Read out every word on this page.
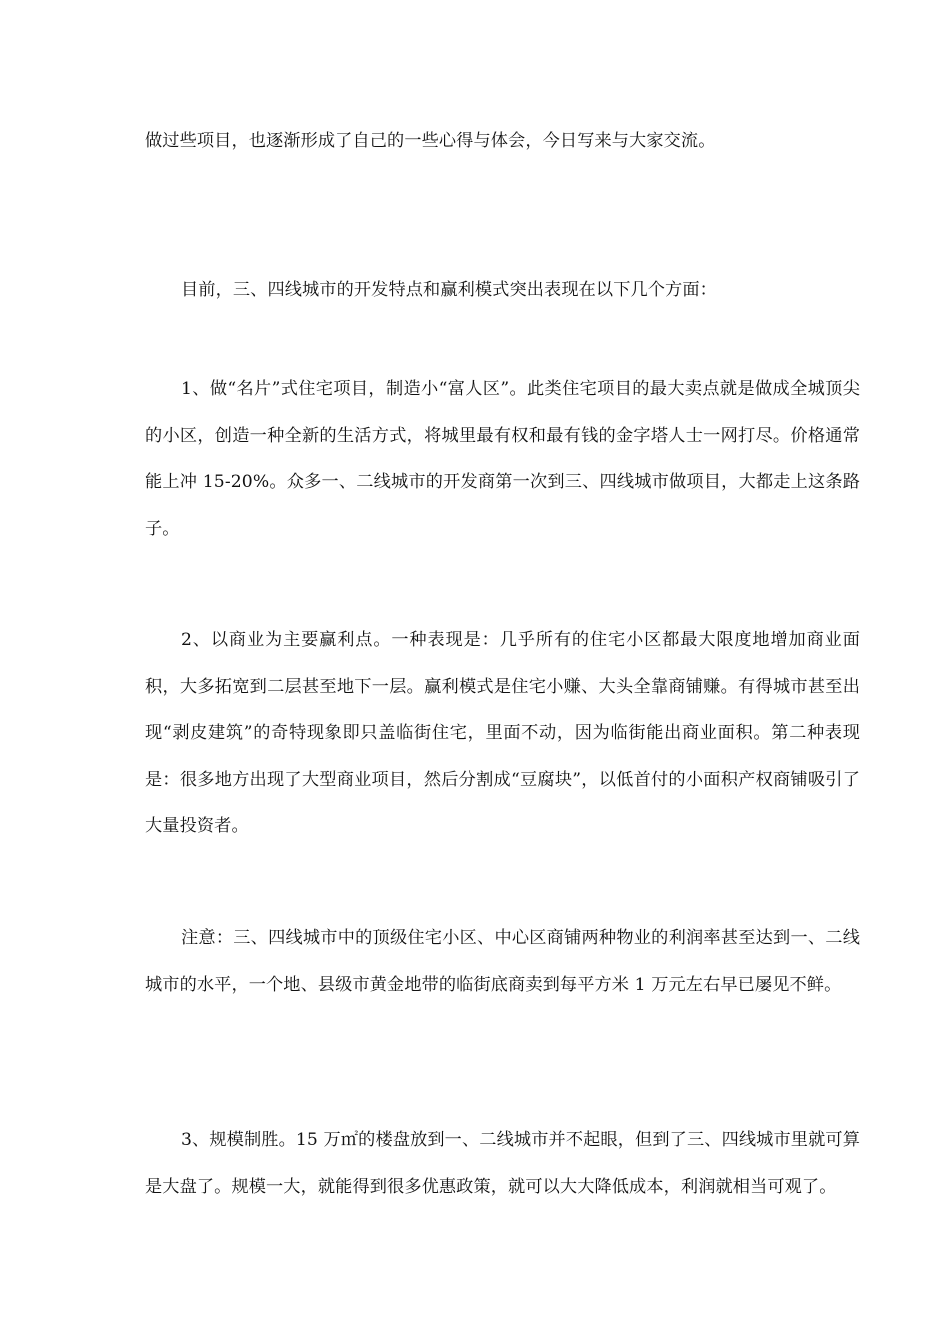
做过些项目，也逐渐形成了自己的一些心得与体会，今日写来与大家交流。

目前，三、四线城市的开发特点和赢利模式突出表现在以下几个方面：

1、做“名片”式住宅项目，制造小“富人区”。此类住宅项目的最大卖点就是做成全城顶尖的小区，创造一种全新的生活方式，将城里最有权和最有钱的金字塔人士一网打尽。价格通常能上冲 15-20%。众多一、二线城市的开发商第一次到三、四线城市做项目，大都走上这条路子。

2、以商业为主要赢利点。一种表现是：几乎所有的住宅小区都最大限度地增加商业面积，大多拓宽到二层甚至地下一层。赢利模式是住宅小赚、大头全靠商铺赚。有得城市甚至出现“剥皮建筑”的奇特现象即只盖临街住宅，里面不动，因为临街能出商业面积。第二种表现是：很多地方出现了大型商业项目，然后分割成“豆腐块”，以低首付的小面积产权商铺吸引了大量投资者。

注意：三、四线城市中的顶级住宅小区、中心区商铺两种物业的利润率甚至达到一、二线城市的水平，一个地、县级市黄金地带的临街底商卖到每平方米 1 万元左右早已屡见不鲜。

3、规模制胜。15 万㎡的楼盘放到一、二线城市并不起眼，但到了三、四线城市里就可算是大盘了。规模一大，就能得到很多优惠政策，就可以大大降低成本，利润就相当可观了。
